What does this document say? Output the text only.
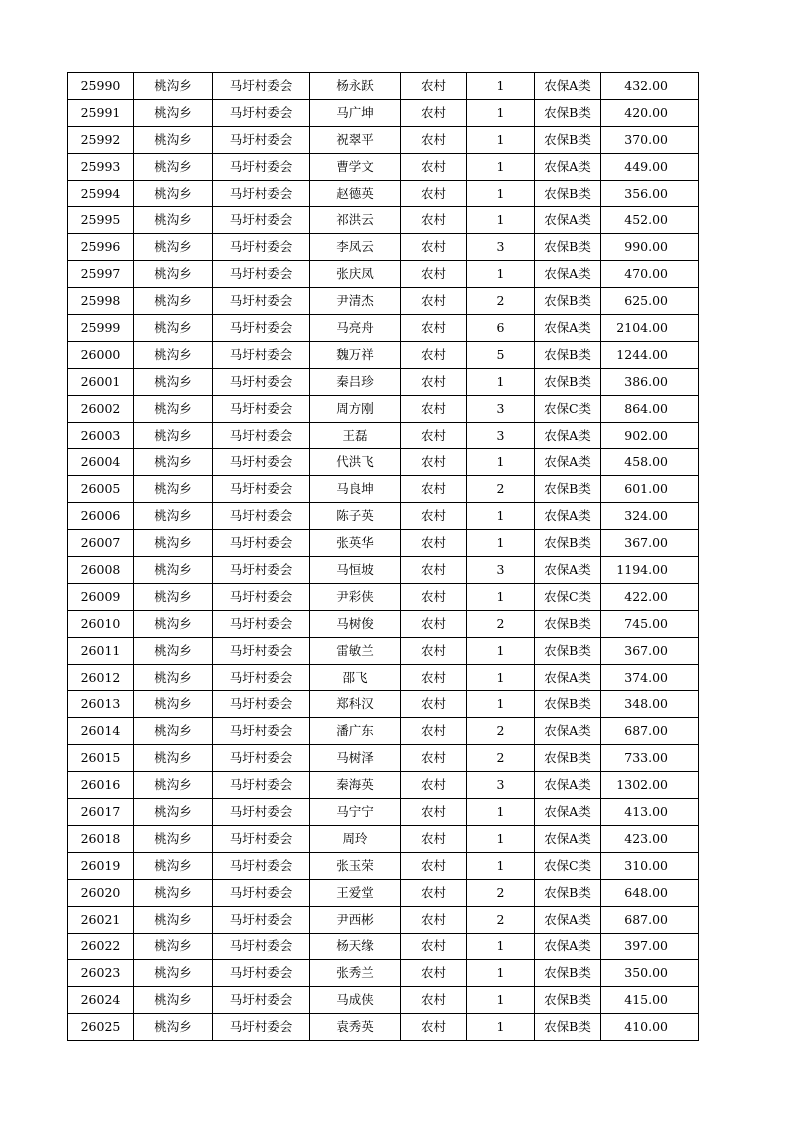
25990	桃沟乡	马圩村委会	杨永跃	农村	1	农保A类	432.00
25991	桃沟乡	马圩村委会	马广坤	农村	1	农保B类	420.00
25992	桃沟乡	马圩村委会	祝翠平	农村	1	农保B类	370.00
25993	桃沟乡	马圩村委会	曹学文	农村	1	农保A类	449.00
25994	桃沟乡	马圩村委会	赵德英	农村	1	农保B类	356.00
25995	桃沟乡	马圩村委会	祁洪云	农村	1	农保A类	452.00
25996	桃沟乡	马圩村委会	李凤云	农村	3	农保B类	990.00
25997	桃沟乡	马圩村委会	张庆凤	农村	1	农保A类	470.00
25998	桃沟乡	马圩村委会	尹清杰	农村	2	农保B类	625.00
25999	桃沟乡	马圩村委会	马亮舟	农村	6	农保A类	2104.00
26000	桃沟乡	马圩村委会	魏万祥	农村	5	农保B类	1244.00
26001	桃沟乡	马圩村委会	秦吕珍	农村	1	农保B类	386.00
26002	桃沟乡	马圩村委会	周方刚	农村	3	农保C类	864.00
26003	桃沟乡	马圩村委会	王磊	农村	3	农保A类	902.00
26004	桃沟乡	马圩村委会	代洪飞	农村	1	农保A类	458.00
26005	桃沟乡	马圩村委会	马良坤	农村	2	农保B类	601.00
26006	桃沟乡	马圩村委会	陈子英	农村	1	农保A类	324.00
26007	桃沟乡	马圩村委会	张英华	农村	1	农保B类	367.00
26008	桃沟乡	马圩村委会	马恒坡	农村	3	农保A类	1194.00
26009	桃沟乡	马圩村委会	尹彩侠	农村	1	农保C类	422.00
26010	桃沟乡	马圩村委会	马树俊	农村	2	农保B类	745.00
26011	桃沟乡	马圩村委会	雷敏兰	农村	1	农保B类	367.00
26012	桃沟乡	马圩村委会	邵飞	农村	1	农保A类	374.00
26013	桃沟乡	马圩村委会	郑科汉	农村	1	农保B类	348.00
26014	桃沟乡	马圩村委会	潘广东	农村	2	农保A类	687.00
26015	桃沟乡	马圩村委会	马树泽	农村	2	农保B类	733.00
26016	桃沟乡	马圩村委会	秦海英	农村	3	农保A类	1302.00
26017	桃沟乡	马圩村委会	马宁宁	农村	1	农保A类	413.00
26018	桃沟乡	马圩村委会	周玲	农村	1	农保A类	423.00
26019	桃沟乡	马圩村委会	张玉荣	农村	1	农保C类	310.00
26020	桃沟乡	马圩村委会	王爱堂	农村	2	农保B类	648.00
26021	桃沟乡	马圩村委会	尹西彬	农村	2	农保A类	687.00
26022	桃沟乡	马圩村委会	杨天缘	农村	1	农保A类	397.00
26023	桃沟乡	马圩村委会	张秀兰	农村	1	农保B类	350.00
26024	桃沟乡	马圩村委会	马成侠	农村	1	农保B类	415.00
26025	桃沟乡	马圩村委会	袁秀英	农村	1	农保B类	410.00
